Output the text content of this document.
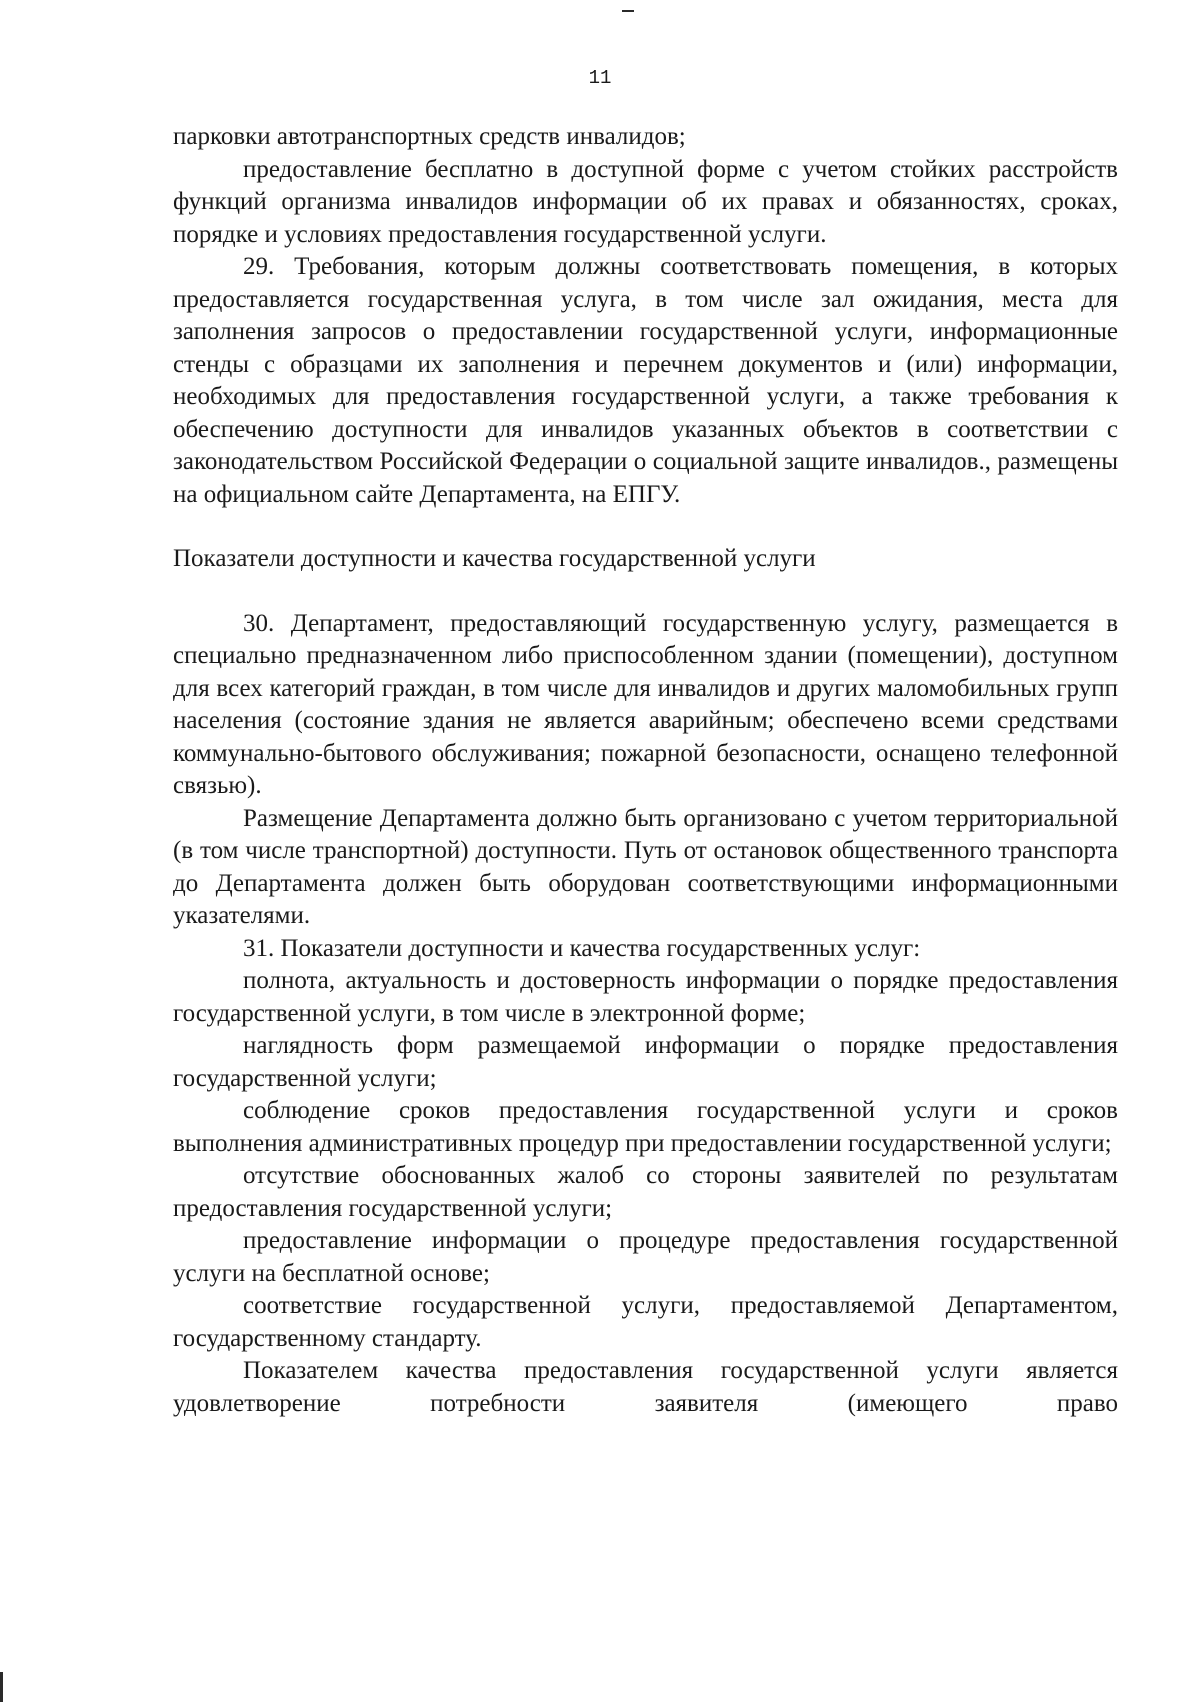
11

парковки автотранспортных средств инвалидов;

предоставление бесплатно в доступной форме с учетом стойких расстройств функций организма инвалидов информации об их правах и обязанностях, сроках, порядке и условиях предоставления государственной услуги.

29. Требования, которым должны соответствовать помещения, в которых предоставляется государственная услуга, в том числе зал ожидания, места для заполнения запросов о предоставлении государственной услуги, информационные стенды с образцами их заполнения и перечнем документов и (или) информации, необходимых для предоставления государственной услуги, а также требования к обеспечению доступности для инвалидов указанных объектов в соответствии с законодательством Российской Федерации о социальной защите инвалидов., размещены на официальном сайте Департамента, на ЕПГУ.

Показатели доступности и качества государственной услуги

30. Департамент, предоставляющий государственную услугу, размещается в специально предназначенном либо приспособленном здании (помещении), доступном для всех категорий граждан, в том числе для инвалидов и других маломобильных групп населения (состояние здания не является аварийным; обеспечено всеми средствами коммунально-бытового обслуживания; пожарной безопасности, оснащено телефонной связью).

Размещение Департамента должно быть организовано с учетом территориальной (в том числе транспортной) доступности. Путь от остановок общественного транспорта до Департамента должен быть оборудован соответствующими информационными указателями.

31. Показатели доступности и качества государственных услуг:

полнота, актуальность и достоверность информации о порядке предоставления государственной услуги, в том числе в электронной форме;

наглядность форм размещаемой информации о порядке предоставления государственной услуги;

соблюдение сроков предоставления государственной услуги и сроков выполнения административных процедур при предоставлении государственной услуги;

отсутствие обоснованных жалоб со стороны заявителей по результатам предоставления государственной услуги;

предоставление информации о процедуре предоставления государственной услуги на бесплатной основе;

соответствие государственной услуги, предоставляемой Департаментом, государственному стандарту.

Показателем качества предоставления государственной услуги является удовлетворение потребности заявителя (имеющего право
